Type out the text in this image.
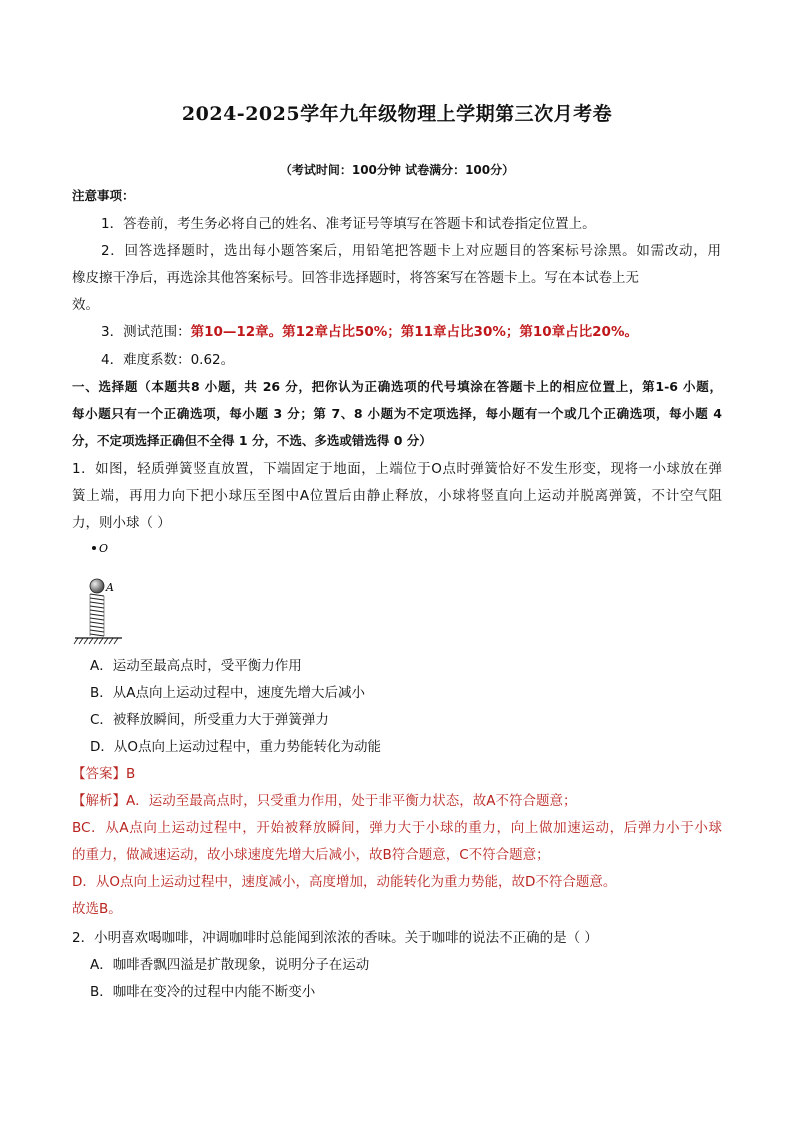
2024-2025学年九年级物理上学期第三次月考卷
（考试时间：100分钟 试卷满分：100分）
注意事项：
1．答卷前，考生务必将自己的姓名、准考证号等填写在答题卡和试卷指定位置上。
2．回答选择题时，选出每小题答案后，用铅笔把答题卡上对应题目的答案标号涂黑。如需改动，用
橡皮擦干净后，再选涂其他答案标号。回答非选择题时，将答案写在答题卡上。写在本试卷上无
效。
3．测试范围：第10—12章。第12章占比50%；第11章占比30%；第10章占比20%。
4．难度系数：0.62。
一、选择题（本题共8 小题，共 26 分，把你认为正确选项的代号填涂在答题卡上的相应位置上，第1-6 小题，
每小题只有一个正确选项，每小题 3 分；第 7、8 小题为不定项选择，每小题有一个或几个正确选项，每小题 4
分，不定项选择正确但不全得 1 分，不选、多选或错选得 0 分）
1．如图，轻质弹簧竖直放置，下端固定于地面，上端位于O点时弹簧恰好不发生形变，现将一小球放在弹
簧上端，再用力向下把小球压至图中A位置后由静止释放，小球将竖直向上运动并脱离弹簧，不计空气阻
力，则小球（ ）
O
A
A．运动至最高点时，受平衡力作用
B．从A点向上运动过程中，速度先增大后减小
C．被释放瞬间，所受重力大于弹簧弹力
D．从O点向上运动过程中，重力势能转化为动能
【答案】B
【解析】A．运动至最高点时，只受重力作用，处于非平衡力状态，故A不符合题意；
BC．从A点向上运动过程中，开始被释放瞬间，弹力大于小球的重力，向上做加速运动，后弹力小于小球
的重力，做减速运动，故小球速度先增大后减小，故B符合题意，C不符合题意；
D．从O点向上运动过程中，速度减小，高度增加，动能转化为重力势能，故D不符合题意。
故选B。
2．小明喜欢喝咖啡，冲调咖啡时总能闻到浓浓的香味。关于咖啡的说法不正确的是（ ）
A．咖啡香飘四溢是扩散现象，说明分子在运动
B．咖啡在变冷的过程中内能不断变小
